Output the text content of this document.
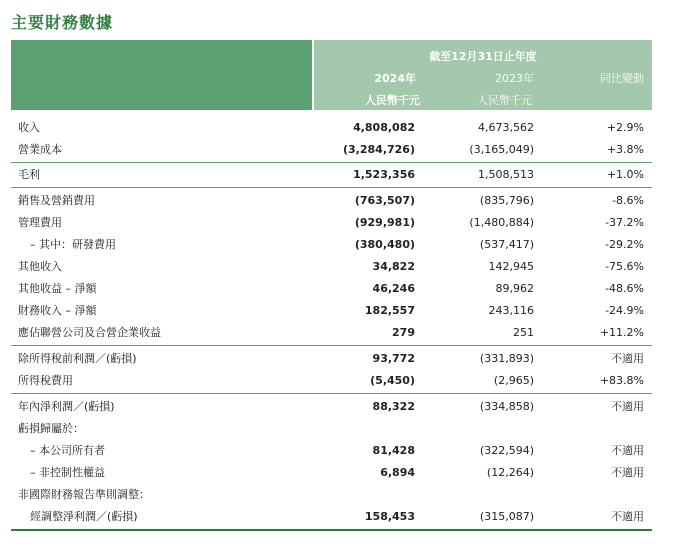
主要財務數據
截至12月31日止年度
2024年	2023年	同比變動
人民幣千元	人民幣千元
收入	4,808,082	4,673,562	+2.9%
營業成本	(3,284,726)	(3,165,049)	+3.8%
毛利	1,523,356	1,508,513	+1.0%
銷售及營銷費用	(763,507)	(835,796)	-8.6%
管理費用	(929,981)	(1,480,884)	-37.2%
– 其中：研發費用	(380,480)	(537,417)	-29.2%
其他收入	34,822	142,945	-75.6%
其他收益 – 淨額	46,246	89,962	-48.6%
財務收入 – 淨額	182,557	243,116	-24.9%
應佔聯營公司及合營企業收益	279	251	+11.2%
除所得稅前利潤／(虧損)	93,772	(331,893)	不適用
所得稅費用	(5,450)	(2,965)	+83.8%
年內淨利潤／(虧損)	88,322	(334,858)	不適用
虧損歸屬於：
– 本公司所有者	81,428	(322,594)	不適用
– 非控制性權益	6,894	(12,264)	不適用
非國際財務報告準則調整：
經調整淨利潤／(虧損)	158,453	(315,087)	不適用
